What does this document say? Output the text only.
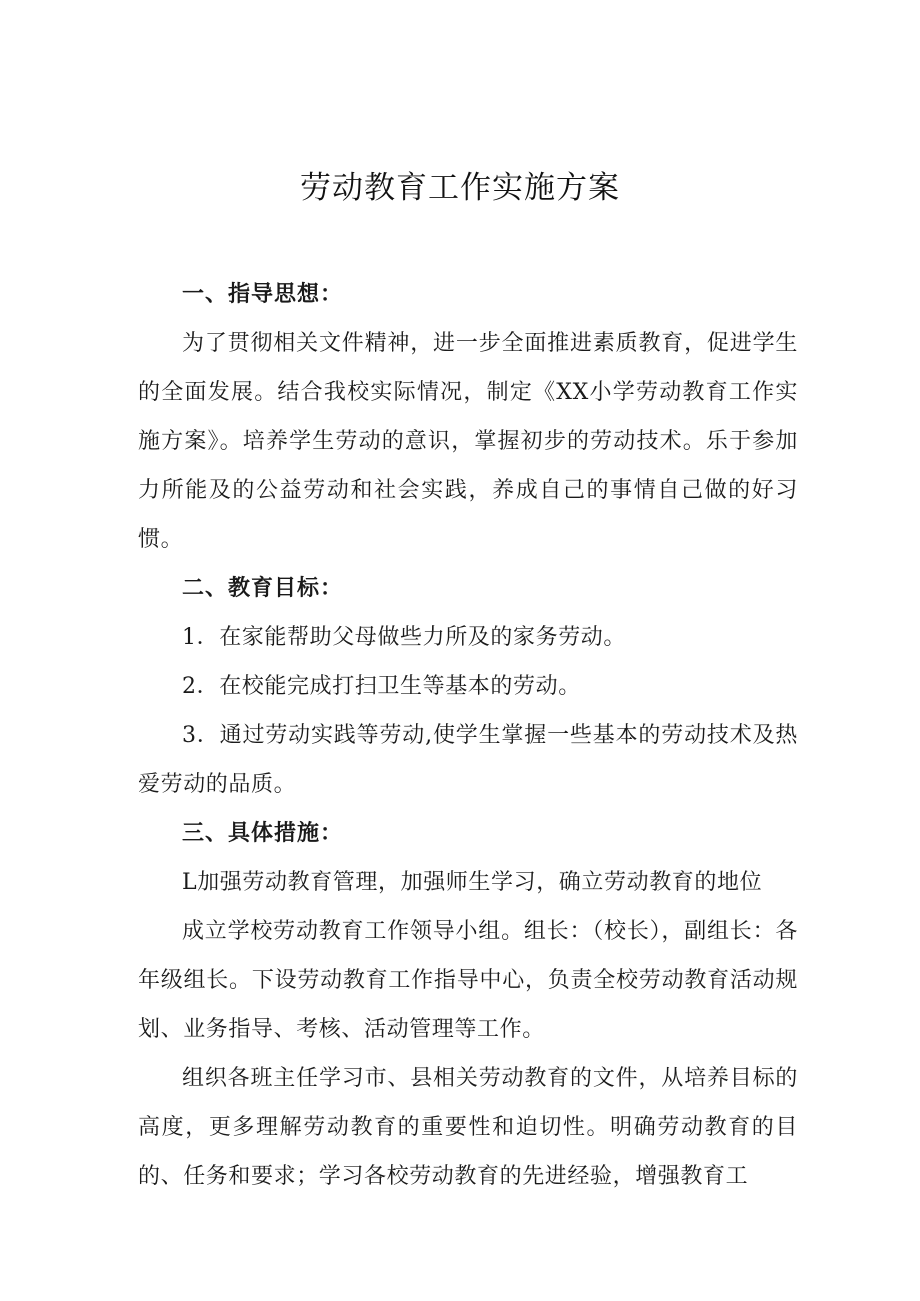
劳动教育工作实施方案

一、指导思想：

为了贯彻相关文件精神，进一步全面推进素质教育，促进学生的全面发展。结合我校实际情况，制定《XX小学劳动教育工作实施方案》。培养学生劳动的意识，掌握初步的劳动技术。乐于参加力所能及的公益劳动和社会实践，养成自己的事情自己做的好习惯。

二、教育目标：

1．在家能帮助父母做些力所及的家务劳动。

2．在校能完成打扫卫生等基本的劳动。

3．通过劳动实践等劳动,使学生掌握一些基本的劳动技术及热爱劳动的品质。

三、具体措施：

L加强劳动教育管理，加强师生学习，确立劳动教育的地位

成立学校劳动教育工作领导小组。组长：（校长），副组长：各年级组长。下设劳动教育工作指导中心，负责全校劳动教育活动规划、业务指导、考核、活动管理等工作。

组织各班主任学习市、县相关劳动教育的文件，从培养目标的高度，更多理解劳动教育的重要性和迫切性。明确劳动教育的目的、任务和要求；学习各校劳动教育的先进经验，增强教育工
